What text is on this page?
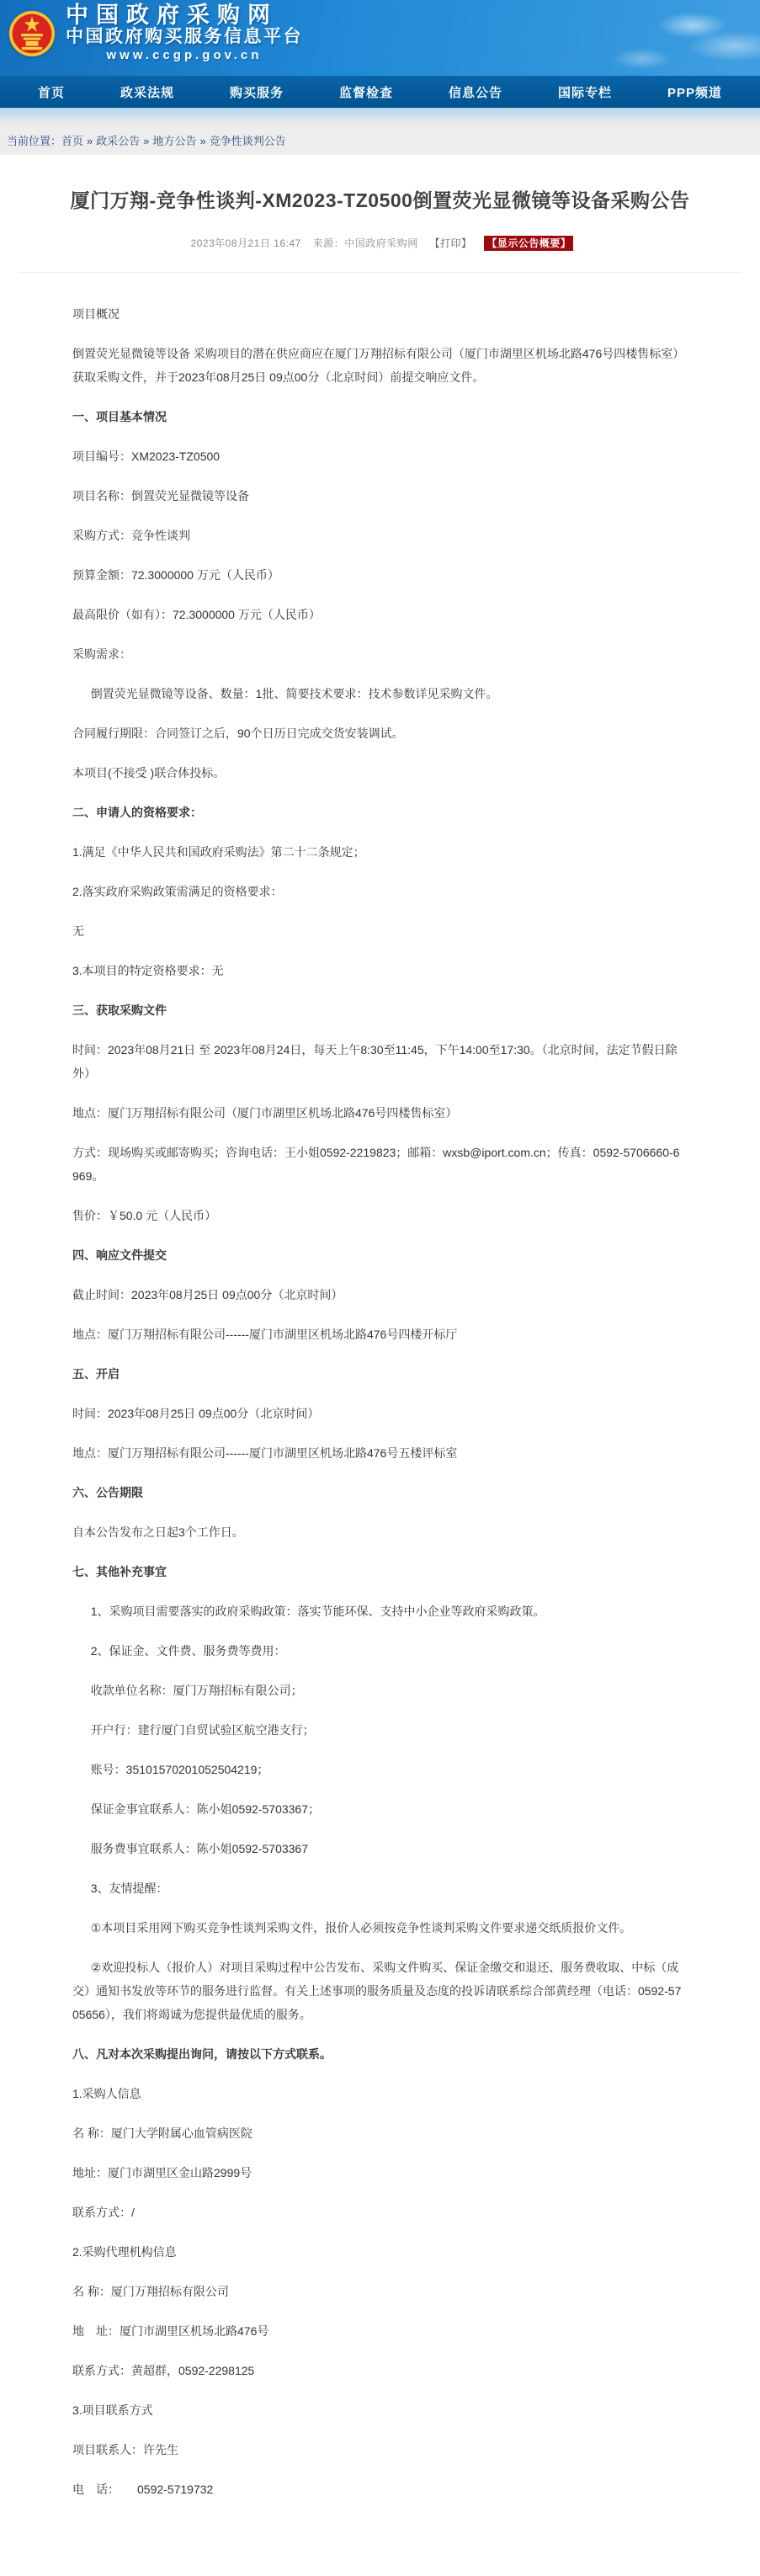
中国政府采购网
中国政府购买服务信息平台
www.ccgp.gov.cn
首页	政采法规	购买服务	监督检查	信息公告	国际专栏	PPP频道
当前位置： 首页 » 政采公告 » 地方公告 » 竞争性谈判公告
厦门万翔-竞争性谈判-XM2023-TZ0500倒置荧光显微镜等设备采购公告
2023年08月21日 16:47 来源：中国政府采购网 【打印】 【显示公告概要】

项目概况

倒置荧光显微镜等设备 采购项目的潜在供应商应在厦门万翔招标有限公司（厦门市湖里区机场北路476号四楼售标室）获取采购文件，并于2023年08月25日 09点00分（北京时间）前提交响应文件。

一、项目基本情况

项目编号：XM2023-TZ0500

项目名称：倒置荧光显微镜等设备

采购方式：竞争性谈判

预算金额：72.3000000 万元（人民币）

最高限价（如有）：72.3000000 万元（人民币）

采购需求：

倒置荧光显微镜等设备、数量：1批、简要技术要求：技术参数详见采购文件。

合同履行期限：合同签订之后，90个日历日完成交货安装调试。

本项目(不接受 )联合体投标。

二、申请人的资格要求：

1.满足《中华人民共和国政府采购法》第二十二条规定；

2.落实政府采购政策需满足的资格要求：

无

3.本项目的特定资格要求：无

三、获取采购文件

时间：2023年08月21日 至 2023年08月24日，每天上午8:30至11:45，下午14:00至17:30。（北京时间，法定节假日除外）

地点：厦门万翔招标有限公司（厦门市湖里区机场北路476号四楼售标室）

方式：现场购买或邮寄购买；咨询电话：王小姐0592-2219823；邮箱：wxsb@iport.com.cn；传真：0592-5706660-6969。

售价：￥50.0 元（人民币）

四、响应文件提交

截止时间：2023年08月25日 09点00分（北京时间）

地点：厦门万翔招标有限公司------厦门市湖里区机场北路476号四楼开标厅

五、开启

时间：2023年08月25日 09点00分（北京时间）

地点：厦门万翔招标有限公司------厦门市湖里区机场北路476号五楼评标室

六、公告期限

自本公告发布之日起3个工作日。

七、其他补充事宜

1、采购项目需要落实的政府采购政策：落实节能环保、支持中小企业等政府采购政策。

2、保证金、文件费、服务费等费用：

收款单位名称：厦门万翔招标有限公司；

开户行：建行厦门自贸试验区航空港支行；

账号：35101570201052504219；

保证金事宜联系人：陈小姐0592-5703367；

服务费事宜联系人：陈小姐0592-5703367

3、友情提醒：

①本项目采用网下购买竞争性谈判采购文件，报价人必须按竞争性谈判采购文件要求递交纸质报价文件。

②欢迎投标人（报价人）对项目采购过程中公告发布、采购文件购买、保证金缴交和退还、服务费收取、中标（成交）通知书发放等环节的服务进行监督。有关上述事项的服务质量及态度的投诉请联系综合部黄经理（电话：0592-5705656），我们将竭诚为您提供最优质的服务。

八、凡对本次采购提出询问，请按以下方式联系。

1.采购人信息

名 称：厦门大学附属心血管病医院

地址：厦门市湖里区金山路2999号

联系方式：/

2.采购代理机构信息

名 称：厦门万翔招标有限公司

地　址：厦门市湖里区机场北路476号

联系方式：黄超群，0592-2298125

3.项目联系方式

项目联系人：许先生

电　话：　　0592-5719732
